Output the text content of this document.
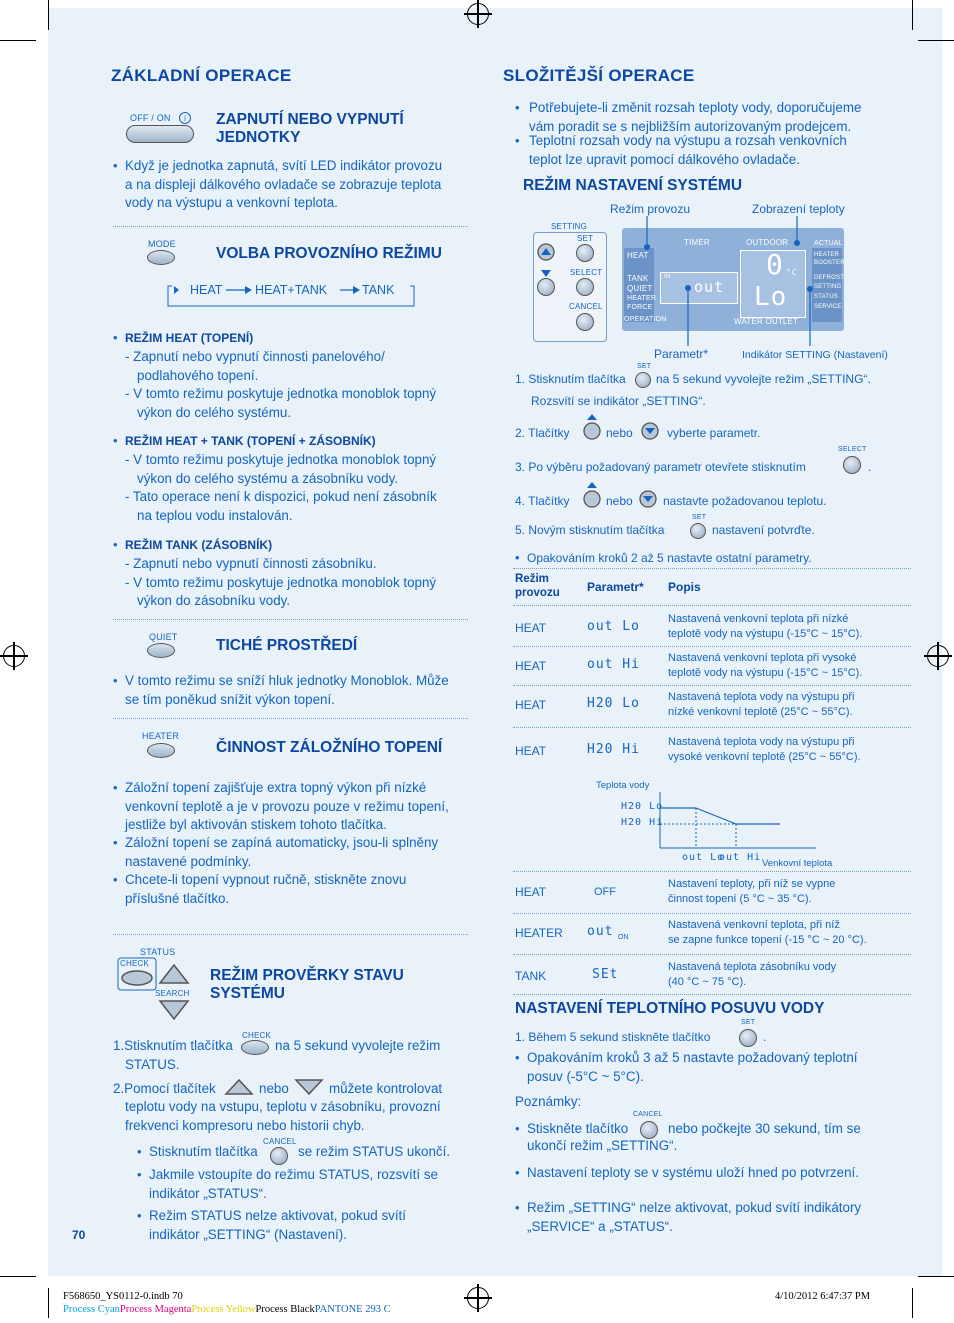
ZÁKLADNÍ OPERACE
OFF / ON	i	ZAPNUTÍ NEBO VYPNUTÍ
JEDNOTKY
• Když je jednotka zapnutá, svítí LED indikátor provozu
a na displeji dálkového ovladače se zobrazuje teplota
vody na výstupu a venkovní teplota.
MODE
VOLBA PROVOZNÍHO REŽIMU
HEAT	HEAT+TANK	TANK
• REŽIM HEAT (TOPENÍ)
- Zapnutí nebo vypnutí činnosti panelového/
podlahového topení.
- V tomto režimu poskytuje jednotka monoblok topný
výkon do celého systému.
• REŽIM HEAT + TANK (TOPENÍ + ZÁSOBNÍK)
- V tomto režimu poskytuje jednotka monoblok topný
výkon do celého systému a zásobníku vody.
- Tato operace není k dispozici, pokud není zásobník
na teplou vodu instalován.
• REŽIM TANK (ZÁSOBNÍK)
- Zapnutí nebo vypnutí činnosti zásobníku.
- V tomto režimu poskytuje jednotka monoblok topný
výkon do zásobníku vody.
QUIET TICHÉ PROSTŘEDÍ
• V tomto režimu se sníží hluk jednotky Monoblok. Může
se tím poněkud snížit výkon topení.
HEATER
ČINNOST ZÁLOŽNÍHO TOPENÍ
• Záložní topení zajišťuje extra topný výkon při nízké
venkovní teplotě a je v provozu pouze v režimu topení,
jestliže byl aktivován stiskem tohoto tlačítka.
• Záložní topení se zapíná automaticky, jsou-li splněny
nastavené podmínky.
• Chcete-li topení vypnout ručně, stiskněte znovu
příslušné tlačítko.
STATUS
CHECK
SEARCH
REŽIM PROVĚRKY STAVU
SYSTÉMU
1.Stisknutím tlačítka
CHECK
na 5 sekund vyvolejte režim
STATUS.
2.Pomocí tlačítek	nebo	můžete kontrolovat
teplotu vody na vstupu, teplotu v zásobníku, provozní
frekvenci kompresoru nebo historii chyb.
• Stisknutím tlačítka
CANCEL
se režim STATUS ukončí.
• Jakmile vstoupíte do režimu STATUS, rozsvítí se
indikátor „STATUS“.
• Režim STATUS nelze aktivovat, pokud svítí
indikátor „SETTING“ (Nastavení).
70
SLOŽITĚJŠÍ OPERACE
• Potřebujete-li změnit rozsah teploty vody, doporučujeme
vám poradit se s nejbližším autorizovaným prodejcem.
• Teplotní rozsah vody na výstupu a rozsah venkovních
teplot lze upravit pomocí dálkového ovladače.
REŽIM NASTAVENÍ SYSTÉMU
Režim provozu	Zobrazení teploty
SETTING
SET
SELECT
CANCEL
TIMER	OUTDOOR	ACTUAL
HEAT
TANK
QUIET
HEATER
FORCE
OPERATION	WATER OUTLET
HEATER BOOSTER
DEFROST
SETTING
STATUS
SERVICE
IN
out
0 °C
Lo
Parametr*	Indikátor SETTING (Nastavení)
1. Stisknutím tlačítka
SET
na 5 sekund vyvolejte režim „SETTING“.
Rozsvítí se indikátor „SETTING“.
2. Tlačítky	nebo	vyberte parametr.
3. Po výběru požadovaný parametr otevřete stisknutím
SELECT
.
4. Tlačítky	nebo	nastavte požadovanou teplotu.
5. Novým stisknutím tlačítka
SET
nastavení potvrďte.
• Opakováním kroků 2 až 5 nastavte ostatní parametry.
Režim provozu	Parametr* Popis
HEAT	out Lo	Nastavená venkovní teplota při nízké
teplotě vody na výstupu (-15°C ~ 15°C).
HEAT	out Hi	Nastavená venkovní teplota při vysoké
teplotě vody na výstupu (-15°C ~ 15°C).
HEAT	H20 Lo	Nastavená teplota vody na výstupu při
nízké venkovní teplotě (25°C ~ 55°C).
HEAT	H20 Hi	Nastavená teplota vody na výstupu při
vysoké venkovní teplotě (25°C ~ 55°C).
Teplota vody
H20 Lo
H20 Hi
out Lo
out Hi
Venkovní teplota
HEAT	OFF
Nastavení teploty, při níž se vypne
činnost topení (5 °C ~ 35 °C).
HEATER out ON
Nastavená venkovní teplota, při níž
se zapne funkce topení (-15 °C ~ 20 °C).
TANK	SEt	Nastavená teplota zásobníku vody
(40 °C ~ 75 °C).
NASTAVENÍ TEPLOTNÍHO POSUVU VODY
1. Během 5 sekund stiskněte tlačítko
SET
.
• Opakováním kroků 3 až 5 nastavte požadovaný teplotní
posuv (-5°C ~ 5°C).
Poznámky:
• Stiskněte tlačítko
CANCEL
nebo počkejte 30 sekund, tím se
ukončí režim „SETTING“.
• Nastavení teploty se v systému uloží hned po potvrzení.
• Režim „SETTING“ nelze aktivovat, pokud svítí indikátory
„SERVICE“ a „STATUS“.
F568650_YS0112-0.indb 70
Process CyanProcess MagentaProcess YellowProcess BlackPANTONE 293 C
4/10/2012 6:47:37 PM
